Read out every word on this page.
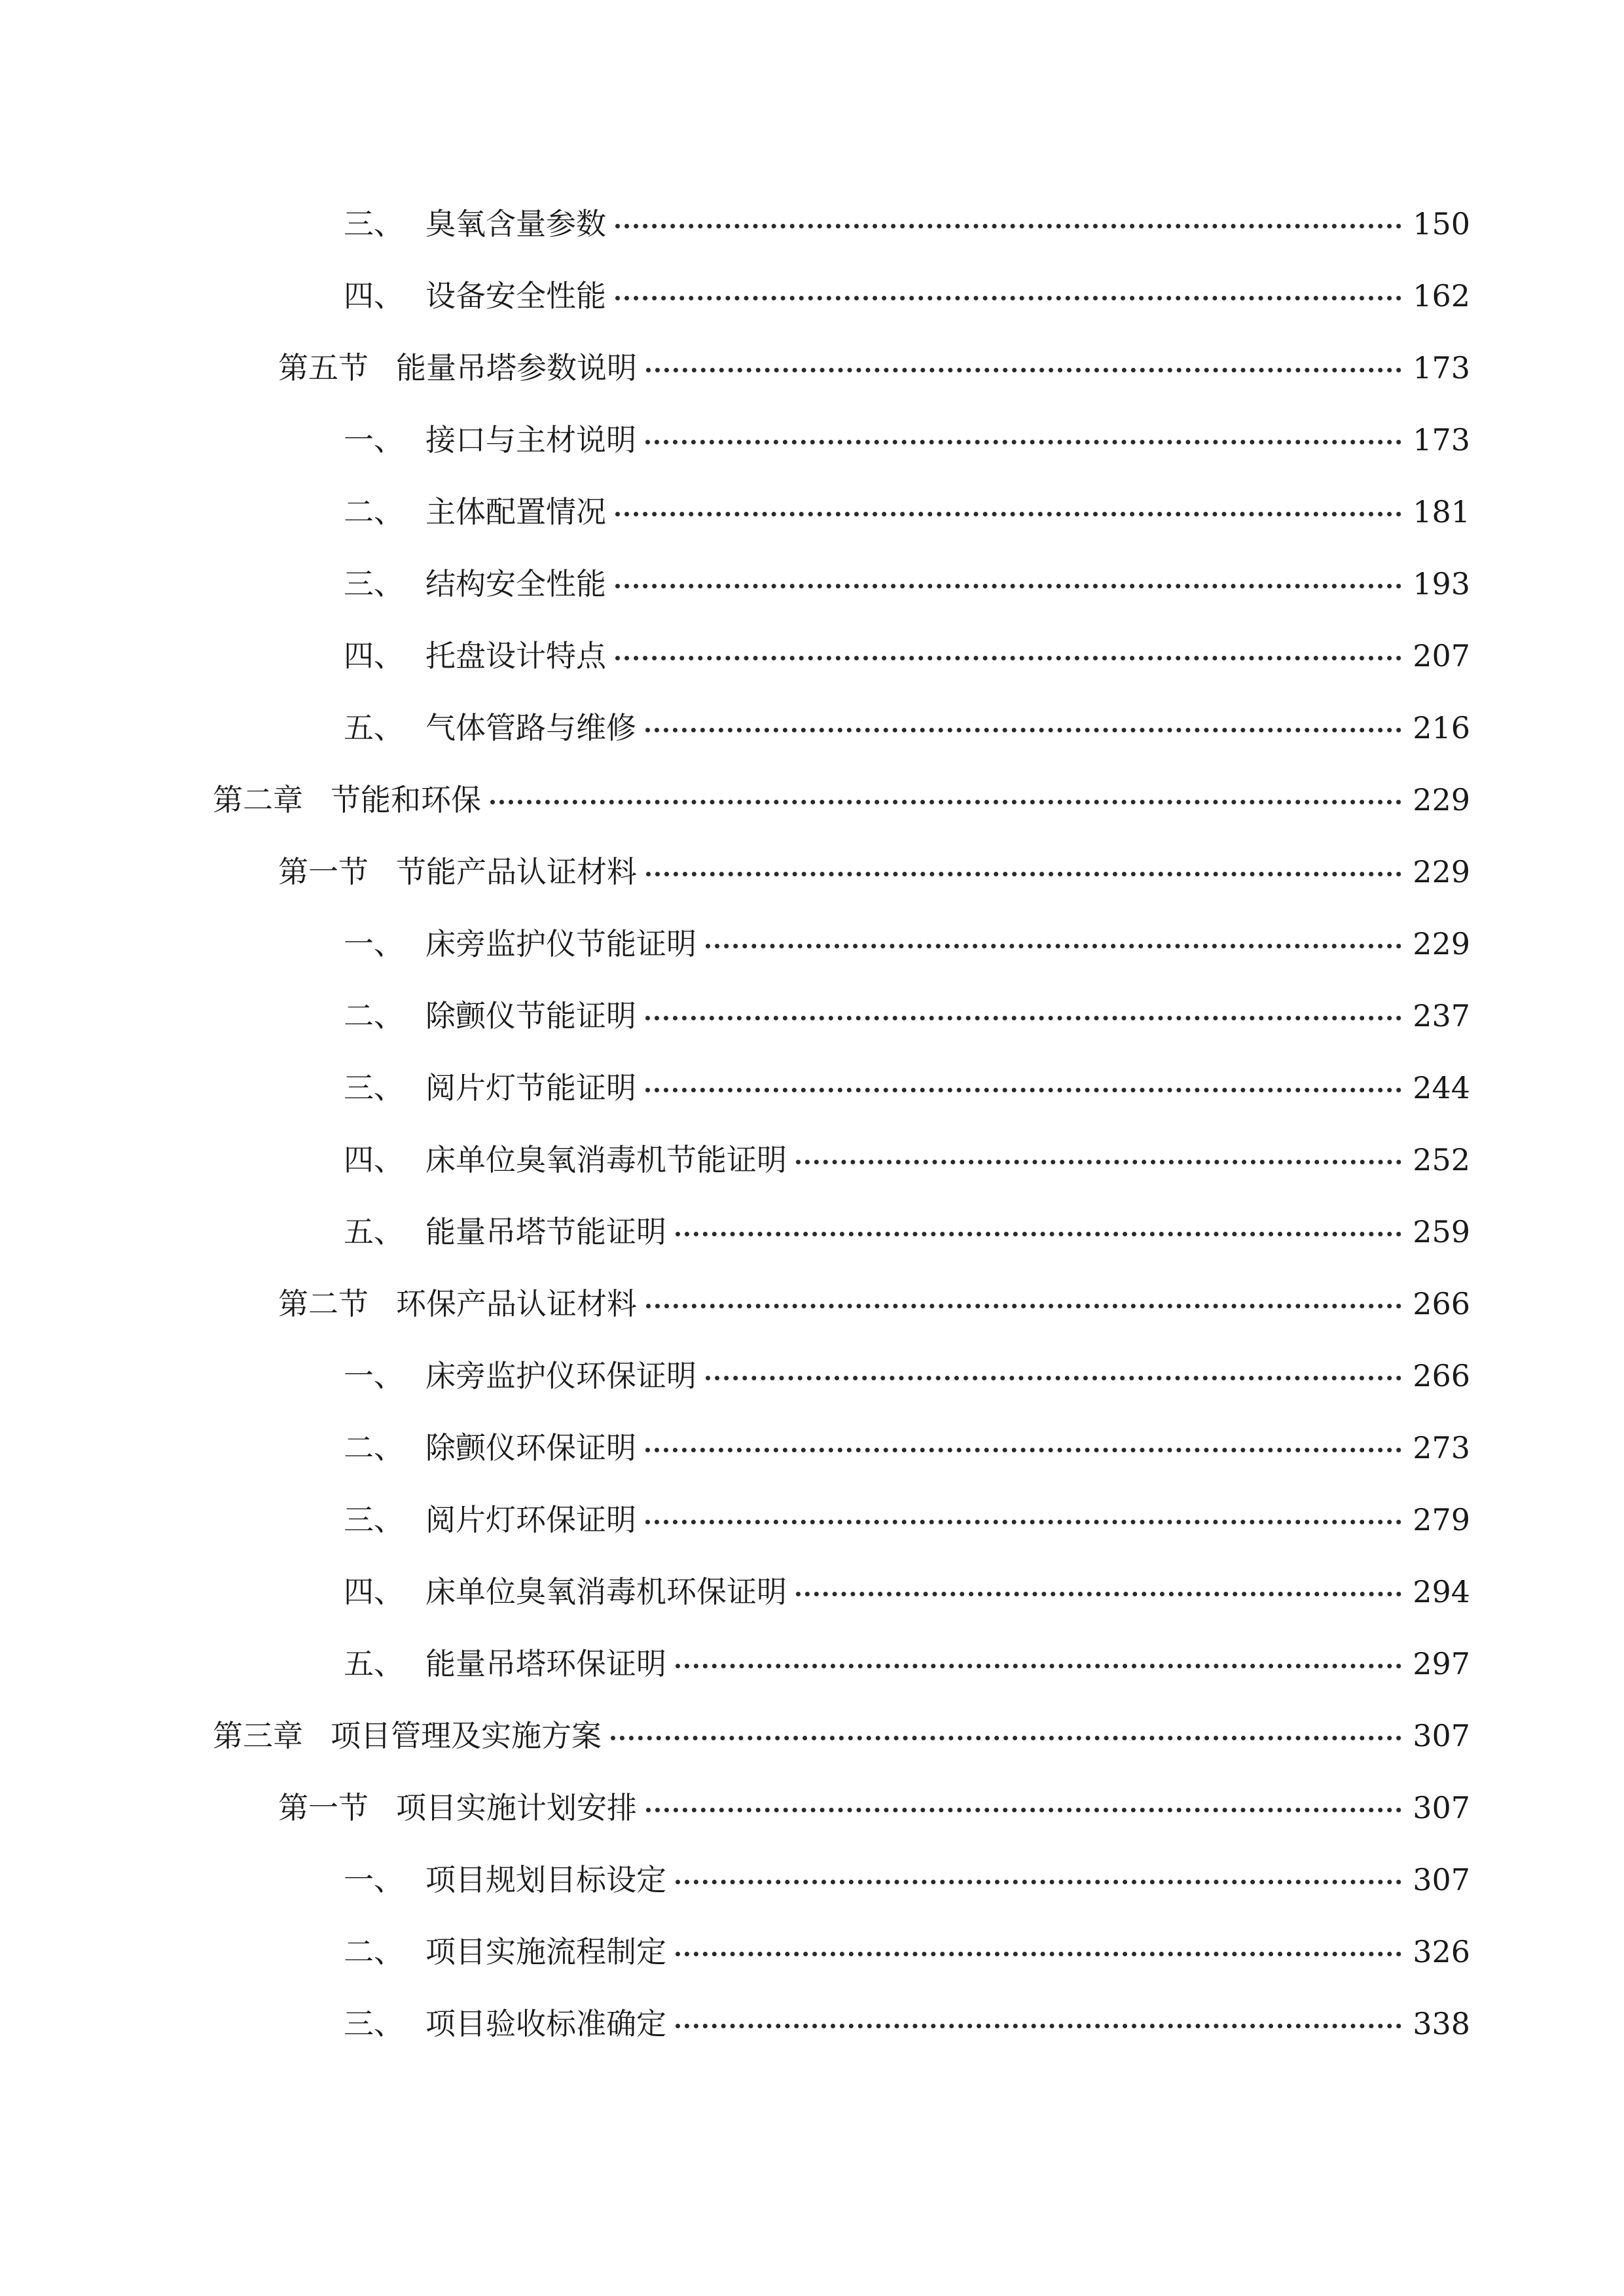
三、 臭氧含量参数	150
四、 设备安全性能	162
第五节 能量吊塔参数说明	173
一、 接口与主材说明	173
二、 主体配置情况	181
三、 结构安全性能	193
四、 托盘设计特点	207
五、 气体管路与维修	216
第二章 节能和环保	229
第一节 节能产品认证材料	229
一、 床旁监护仪节能证明	229
二、 除颤仪节能证明	237
三、 阅片灯节能证明	244
四、 床单位臭氧消毒机节能证明	252
五、 能量吊塔节能证明	259
第二节 环保产品认证材料	266
一、 床旁监护仪环保证明	266
二、 除颤仪环保证明	273
三、 阅片灯环保证明	279
四、 床单位臭氧消毒机环保证明	294
五、 能量吊塔环保证明	297
第三章 项目管理及实施方案	307
第一节 项目实施计划安排	307
一、 项目规划目标设定	307
二、 项目实施流程制定	326
三、 项目验收标准确定	338
